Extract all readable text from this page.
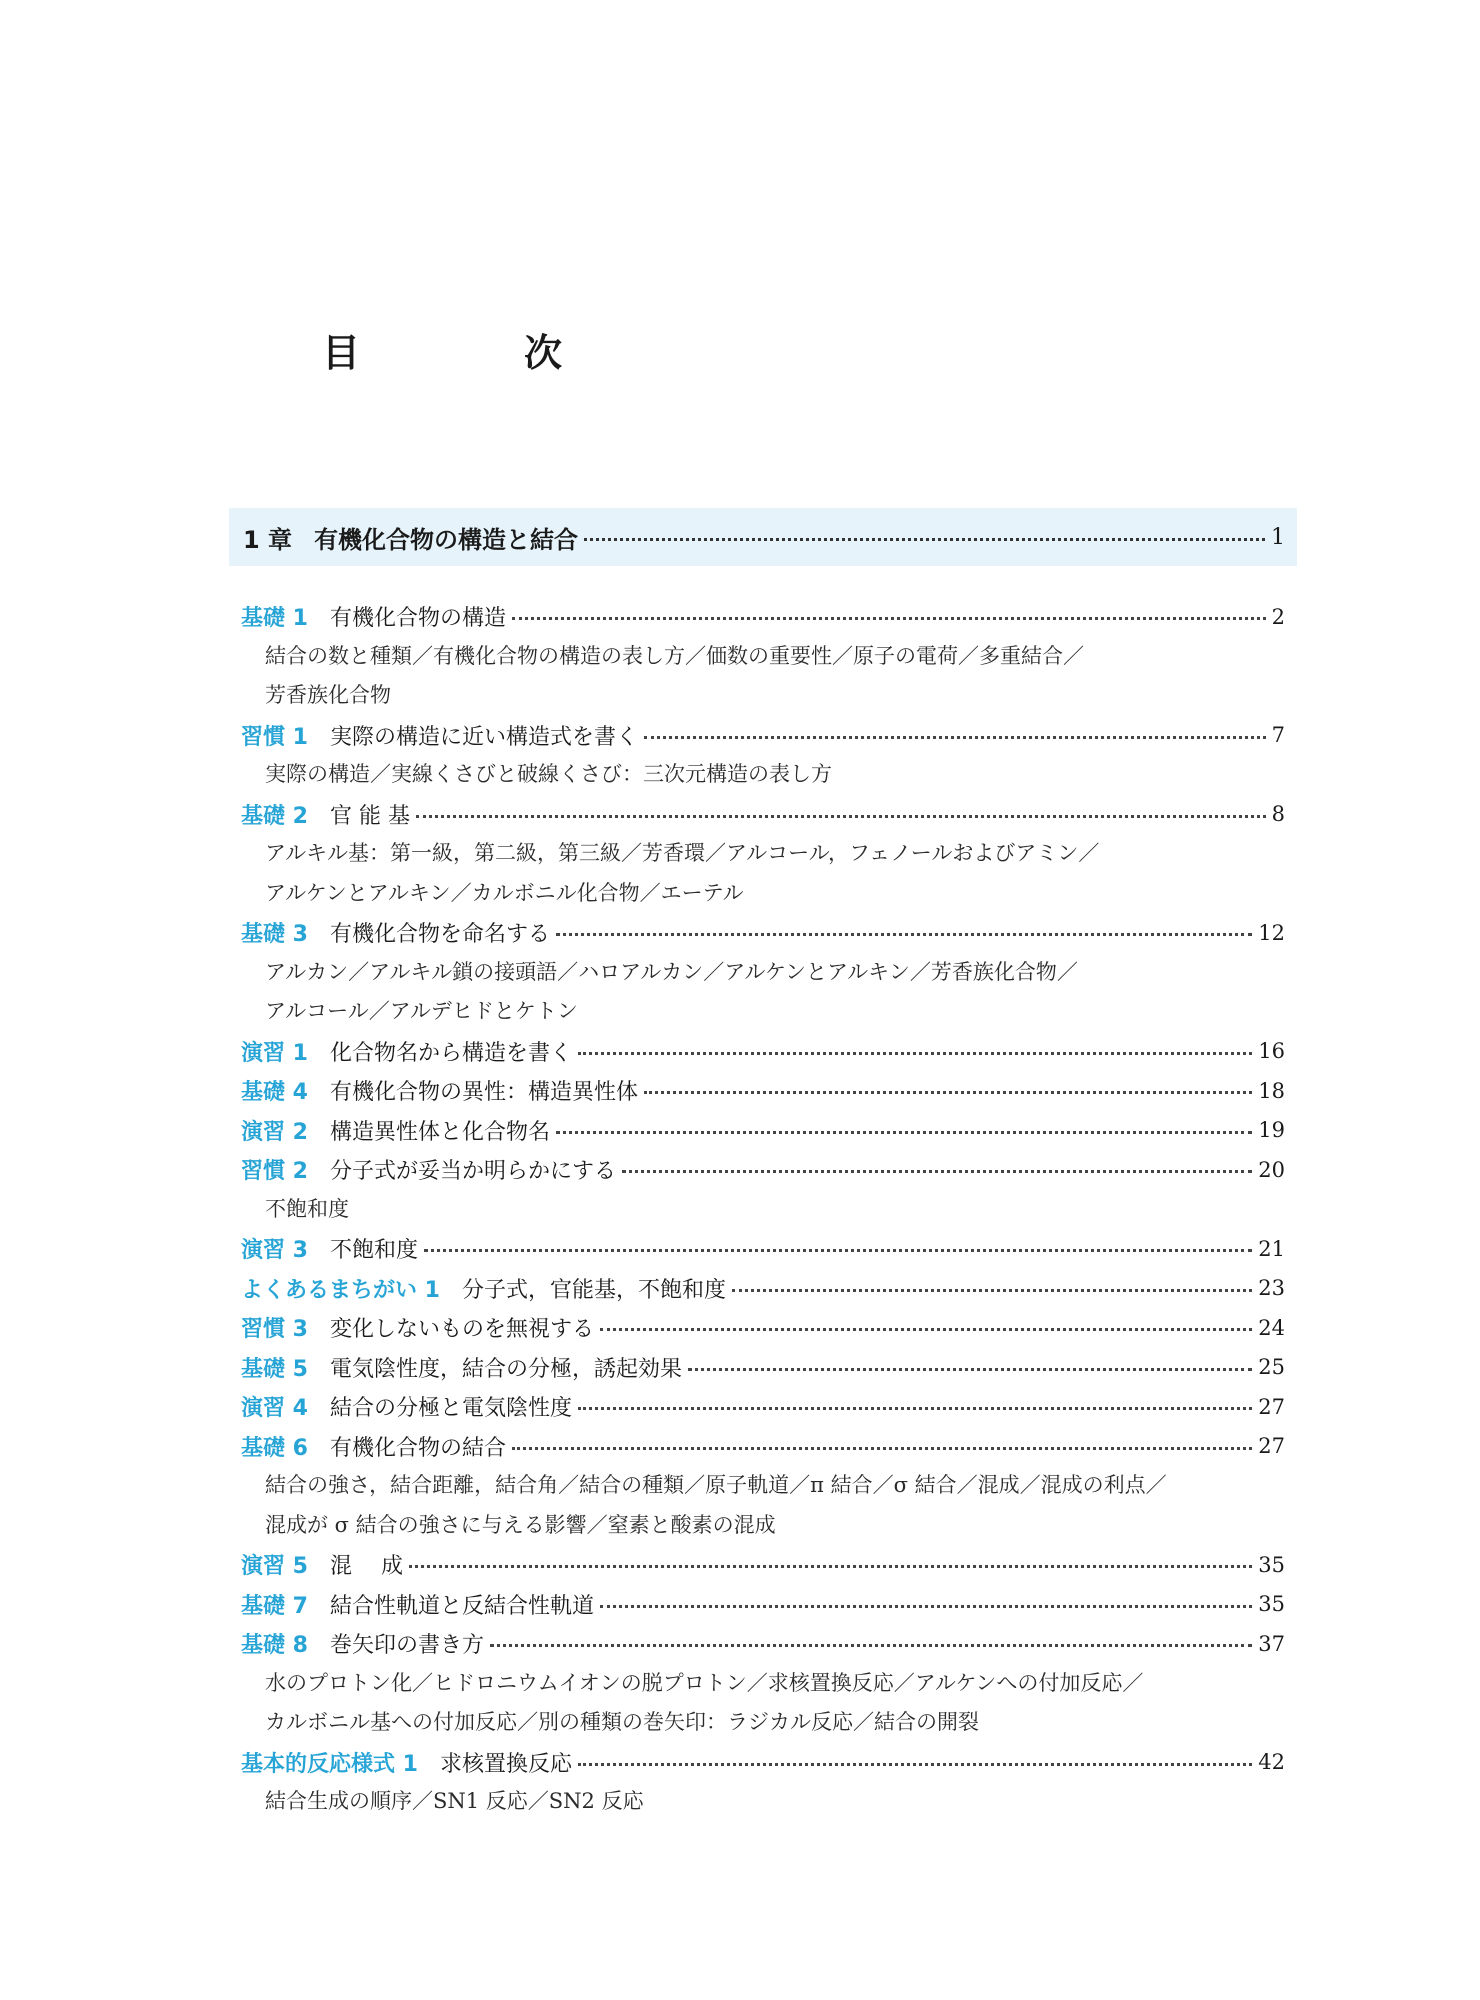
目	次
1 章 有機化合物の構造と結合	1
基礎 1 有機化合物の構造	2
結合の数と種類／有機化合物の構造の表し方／価数の重要性／原子の電荷／多重結合／
芳香族化合物
習慣 1 実際の構造に近い構造式を書く	7
実際の構造／実線くさびと破線くさび：三次元構造の表し方
基礎 2 官 能 基	8
アルキル基：第一級，第二級，第三級／芳香環／アルコール，フェノールおよびアミン／
アルケンとアルキン／カルボニル化合物／エーテル
基礎 3 有機化合物を命名する	12
アルカン／アルキル鎖の接頭語／ハロアルカン／アルケンとアルキン／芳香族化合物／
アルコール／アルデヒドとケトン
演習 1 化合物名から構造を書く	16
基礎 4 有機化合物の異性：構造異性体	18
演習 2 構造異性体と化合物名	19
習慣 2 分子式が妥当か明らかにする	20
不飽和度
演習 3 不飽和度	21
よくあるまちがい 1 分子式，官能基，不飽和度	23
習慣 3 変化しないものを無視する	24
基礎 5 電気陰性度，結合の分極，誘起効果	25
演習 4 結合の分極と電気陰性度	27
基礎 6 有機化合物の結合	27
結合の強さ，結合距離，結合角／結合の種類／原子軌道／π 結合／σ 結合／混成／混成の利点／
混成が σ 結合の強さに与える影響／窒素と酸素の混成
演習 5 混　 成	35
基礎 7 結合性軌道と反結合性軌道	35
基礎 8 巻矢印の書き方	37
水のプロトン化／ヒドロニウムイオンの脱プロトン／求核置換反応／アルケンへの付加反応／
カルボニル基への付加反応／別の種類の巻矢印：ラジカル反応／結合の開裂
基本的反応様式 1 求核置換反応	42
結合生成の順序／SN1 反応／SN2 反応
